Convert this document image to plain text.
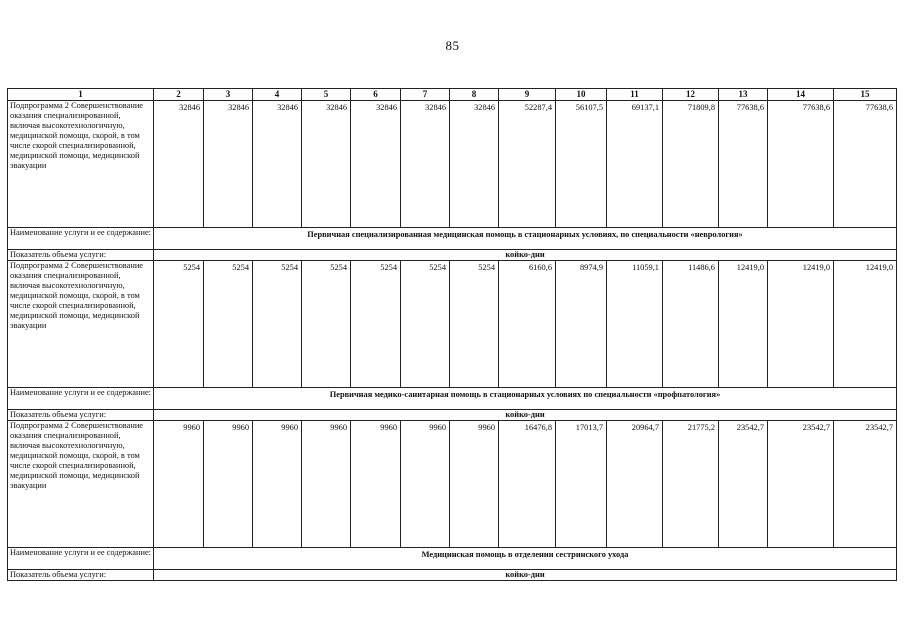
85
1	2	3	4	5	6	7	8	9	10	11	12	13	14	15
Подпрограмма 2 Совершенствование оказания специализированной, включая высокотехнологичную, медицинской помощи, скорой, в том числе скорой специализированной, медицинской помощи, медицинской эвакуации	32846	32846	32846	32846	32846	32846	32846	52287,4	56107,5	69137,1	71809,8	77638,6	77638,6	77638,6
Наименование услуги и ее содержание:	Первичная специализированная медицинская помощь в стационарных условиях, по специальности «неврология»													
Показатель объема услуги:	койко-дни													
Подпрограмма 2 Совершенствование оказания специализированной, включая высокотехнологичную, медицинской помощи, скорой, в том числе скорой специализированной, медицинской помощи, медицинской эвакуации	5254	5254	5254	5254	5254	5254	5254	6160,6	8974,9	11059,1	11486,6	12419,0	12419,0	12419,0
Наименование услуги и ее содержание:	Первичная медико-санитарная помощь в стационарных условиях по специальности «профпатология»													
Показатель объема услуги:	койко-дни													
Подпрограмма 2 Совершенствование оказания специализированной, включая высокотехнологичную, медицинской помощи, скорой, в том числе скорой специализированной, медицинской помощи, медицинской эвакуации	9960	9960	9960	9960	9960	9960	9960	16476,8	17013,7	20964,7	21775,2	23542,7	23542,7	23542,7
Наименование услуги и ее содержание:	Медицинская помощь в отделении сестринского ухода													
Показатель объема услуги:	койко-дни													
